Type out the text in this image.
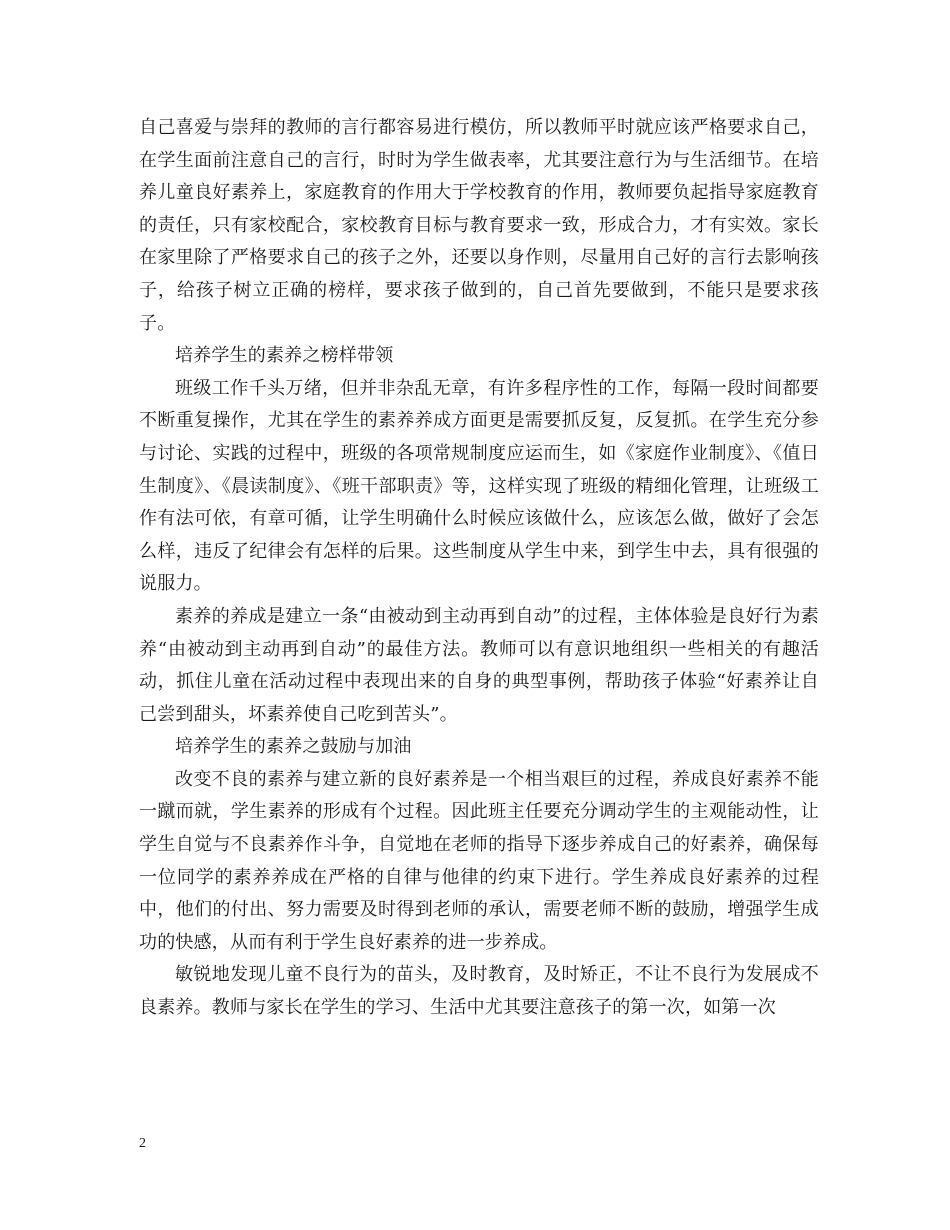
自己喜爱与崇拜的教师的言行都容易进行模仿，所以教师平时就应该严格要求自己，在学生面前注意自己的言行，时时为学生做表率，尤其要注意行为与生活细节。在培养儿童良好素养上，家庭教育的作用大于学校教育的作用，教师要负起指导家庭教育的责任，只有家校配合，家校教育目标与教育要求一致，形成合力，才有实效。家长在家里除了严格要求自己的孩子之外，还要以身作则，尽量用自己好的言行去影响孩子，给孩子树立正确的榜样，要求孩子做到的，自己首先要做到，不能只是要求孩子。

培养学生的素养之榜样带领

班级工作千头万绪，但并非杂乱无章，有许多程序性的工作，每隔一段时间都要不断重复操作，尤其在学生的素养养成方面更是需要抓反复，反复抓。在学生充分参与讨论、实践的过程中，班级的各项常规制度应运而生，如《家庭作业制度》、《值日生制度》、《晨读制度》、《班干部职责》等，这样实现了班级的精细化管理，让班级工作有法可依，有章可循，让学生明确什么时候应该做什么，应该怎么做，做好了会怎么样，违反了纪律会有怎样的后果。这些制度从学生中来，到学生中去，具有很强的说服力。

素养的养成是建立一条“由被动到主动再到自动”的过程，主体体验是良好行为素养“由被动到主动再到自动”的最佳方法。教师可以有意识地组织一些相关的有趣活动，抓住儿童在活动过程中表现出来的自身的典型事例，帮助孩子体验“好素养让自己尝到甜头，坏素养使自己吃到苦头”。

培养学生的素养之鼓励与加油

改变不良的素养与建立新的良好素养是一个相当艰巨的过程，养成良好素养不能一蹴而就，学生素养的形成有个过程。因此班主任要充分调动学生的主观能动性，让学生自觉与不良素养作斗争，自觉地在老师的指导下逐步养成自己的好素养，确保每一位同学的素养养成在严格的自律与他律的约束下进行。学生养成良好素养的过程中，他们的付出、努力需要及时得到老师的承认，需要老师不断的鼓励，增强学生成功的快感，从而有利于学生良好素养的进一步养成。

敏锐地发现儿童不良行为的苗头，及时教育，及时矫正，不让不良行为发展成不良素养。教师与家长在学生的学习、生活中尤其要注意孩子的第一次，如第一次

2
